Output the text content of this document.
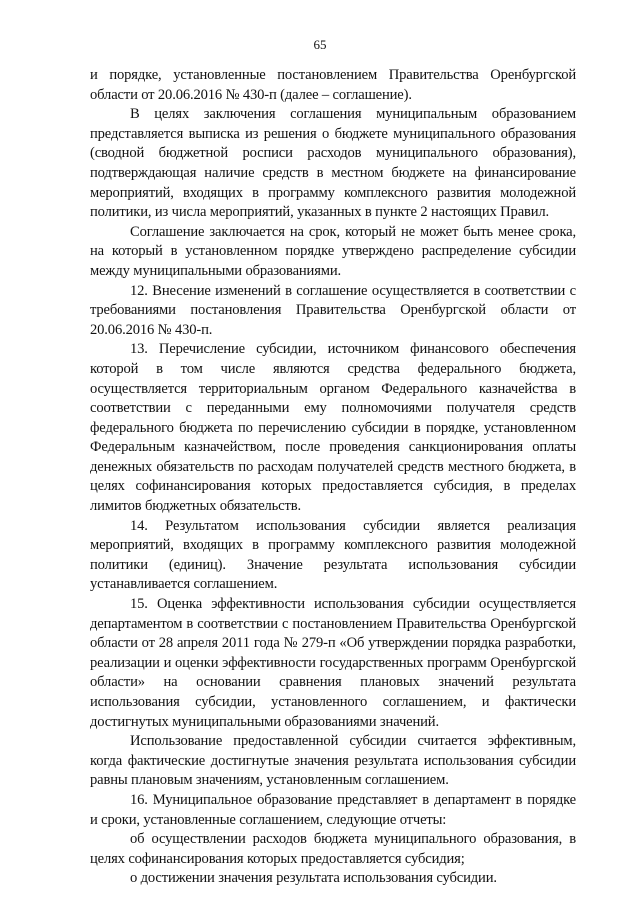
65

и порядке, установленные постановлением Правительства Оренбургской области от 20.06.2016 № 430-п (далее – соглашение).

В целях заключения соглашения муниципальным образованием представляется выписка из решения о бюджете муниципального образования (сводной бюджетной росписи расходов муниципального образования), подтверждающая наличие средств в местном бюджете на финансирование мероприятий, входящих в программу комплексного развития молодежной политики, из числа мероприятий, указанных в пункте 2 настоящих Правил.

Соглашение заключается на срок, который не может быть менее срока, на который в установленном порядке утверждено распределение субсидии между муниципальными образованиями.

12. Внесение изменений в соглашение осуществляется в соответствии с требованиями постановления Правительства Оренбургской области от 20.06.2016 № 430-п.

13. Перечисление субсидии, источником финансового обеспечения которой в том числе являются средства федерального бюджета, осуществляется территориальным органом Федерального казначейства в соответствии с переданными ему полномочиями получателя средств федерального бюджета по перечислению субсидии в порядке, установленном Федеральным казначейством, после проведения санкционирования оплаты денежных обязательств по расходам получателей средств местного бюджета, в целях софинансирования которых предоставляется субсидия, в пределах лимитов бюджетных обязательств.

14. Результатом использования субсидии является реализация мероприятий, входящих в программу комплексного развития молодежной политики (единиц). Значение результата использования субсидии устанавливается соглашением.

15. Оценка эффективности использования субсидии осуществляется департаментом в соответствии с постановлением Правительства Оренбургской области от 28 апреля 2011 года № 279-п «Об утверждении порядка разработки, реализации и оценки эффективности государственных программ Оренбургской области» на основании сравнения плановых значений результата использования субсидии, установленного соглашением, и фактически достигнутых муниципальными образованиями значений.

Использование предоставленной субсидии считается эффективным, когда фактические достигнутые значения результата использования субсидии равны плановым значениям, установленным соглашением.

16. Муниципальное образование представляет в департамент в порядке и сроки, установленные соглашением, следующие отчеты:

об осуществлении расходов бюджета муниципального образования, в целях софинансирования которых предоставляется субсидия;

о достижении значения результата использования субсидии.
